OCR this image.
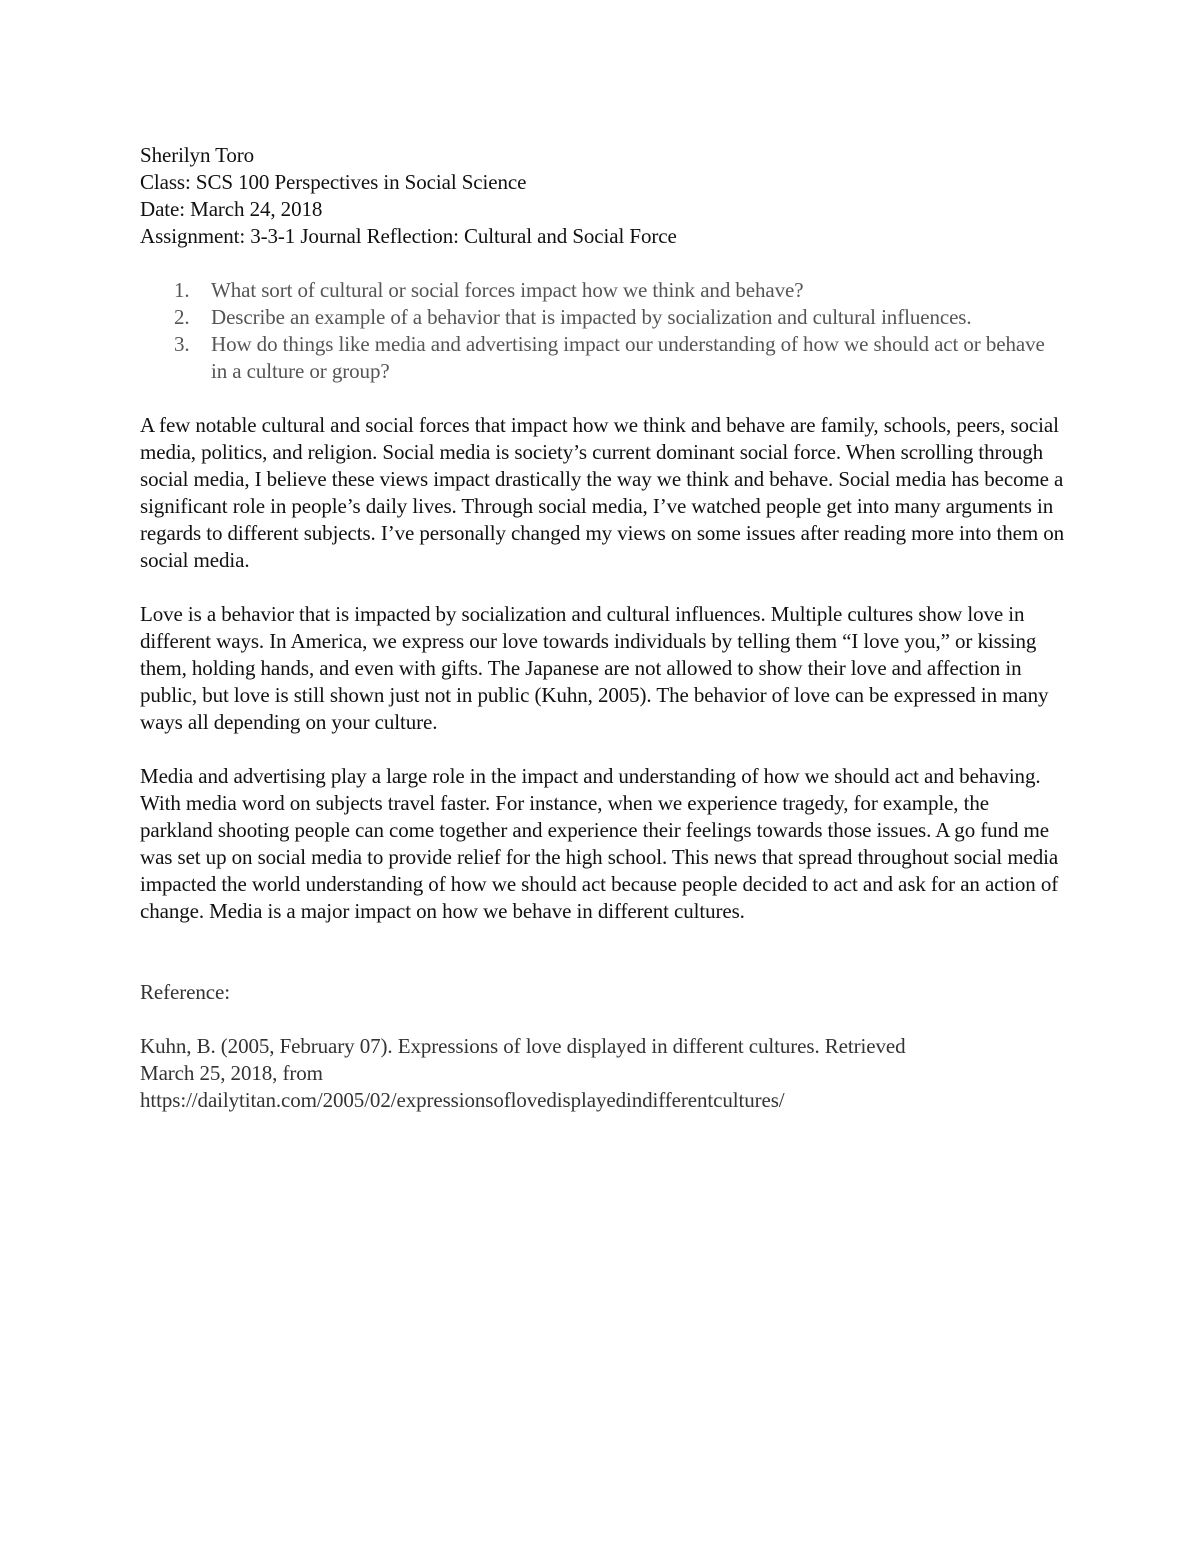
Sherilyn Toro

Class: SCS 100 Perspectives in Social Science

Date: March 24, 2018

Assignment: 3-3-1 Journal Reflection: Cultural and Social Force

1. What sort of cultural or social forces impact how we think and behave?
2. Describe an example of a behavior that is impacted by socialization and cultural influences.
3. How do things like media and advertising impact our understanding of how we should act or behave in a culture or group?

A few notable cultural and social forces that impact how we think and behave are family, schools, peers, social media, politics, and religion. Social media is society’s current dominant social force. When scrolling through social media, I believe these views impact drastically the way we think and behave. Social media has become a significant role in people’s daily lives. Through social media, I’ve watched people get into many arguments in regards to different subjects. I’ve personally changed my views on some issues after reading more into them on social media.

Love is a behavior that is impacted by socialization and cultural influences. Multiple cultures show love in different ways. In America, we express our love towards individuals by telling them “I love you,” or kissing them, holding hands, and even with gifts. The Japanese are not allowed to show their love and affection in public, but love is still shown just not in public (Kuhn, 2005). The behavior of love can be expressed in many ways all depending on your culture.

Media and advertising play a large role in the impact and understanding of how we should act and behaving. With media word on subjects travel faster. For instance, when we experience tragedy, for example, the parkland shooting people can come together and experience their feelings towards those issues. A go fund me was set up on social media to provide relief for the high school. This news that spread throughout social media impacted the world understanding of how we should act because people decided to act and ask for an action of change. Media is a major impact on how we behave in different cultures.

Reference:

Kuhn, B. (2005, February 07). Expressions of love displayed in different cultures. Retrieved
March 25, 2018, from
https://dailytitan.com/2005/02/expressionsoflovedisplayedindifferentcultures/
